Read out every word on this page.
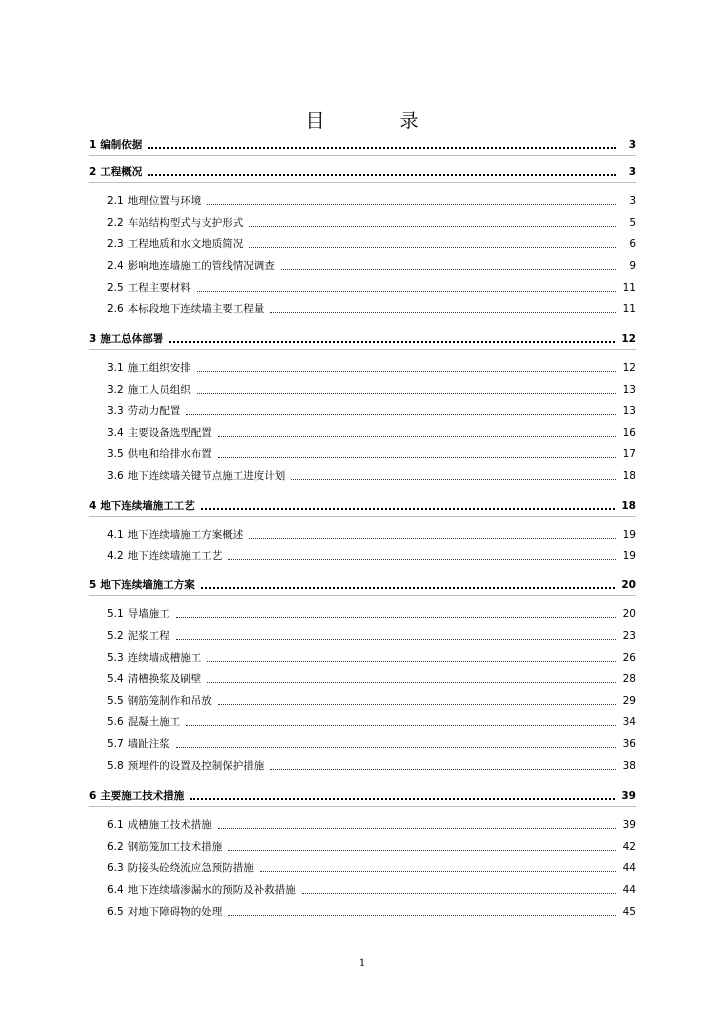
目　录
1 编制依据	3
2 工程概况	3
2.1 地理位置与环境	3
2.2 车站结构型式与支护形式	5
2.3 工程地质和水文地质简况	6
2.4 影响地连墙施工的管线情况调查	9
2.5 工程主要材料	11
2.6 本标段地下连续墙主要工程量	11
3 施工总体部署	12
3.1 施工组织安排	12
3.2 施工人员组织	13
3.3 劳动力配置	13
3.4 主要设备选型配置	16
3.5 供电和给排水布置	17
3.6 地下连续墙关键节点施工进度计划	18
4 地下连续墙施工工艺	18
4.1 地下连续墙施工方案概述	19
4.2 地下连续墙施工工艺	19
5 地下连续墙施工方案	20
5.1 导墙施工	20
5.2 泥浆工程	23
5.3 连续墙成槽施工	26
5.4 清槽换浆及刷壁	28
5.5 钢筋笼制作和吊放	29
5.6 混凝土施工	34
5.7 墙趾注浆	36
5.8 预埋件的设置及控制保护措施	38
6 主要施工技术措施	39
6.1 成槽施工技术措施	39
6.2 钢筋笼加工技术措施	42
6.3 防接头砼绕流应急预防措施	44
6.4 地下连续墙渗漏水的预防及补救措施	44
6.5 对地下障碍物的处理	45
1
